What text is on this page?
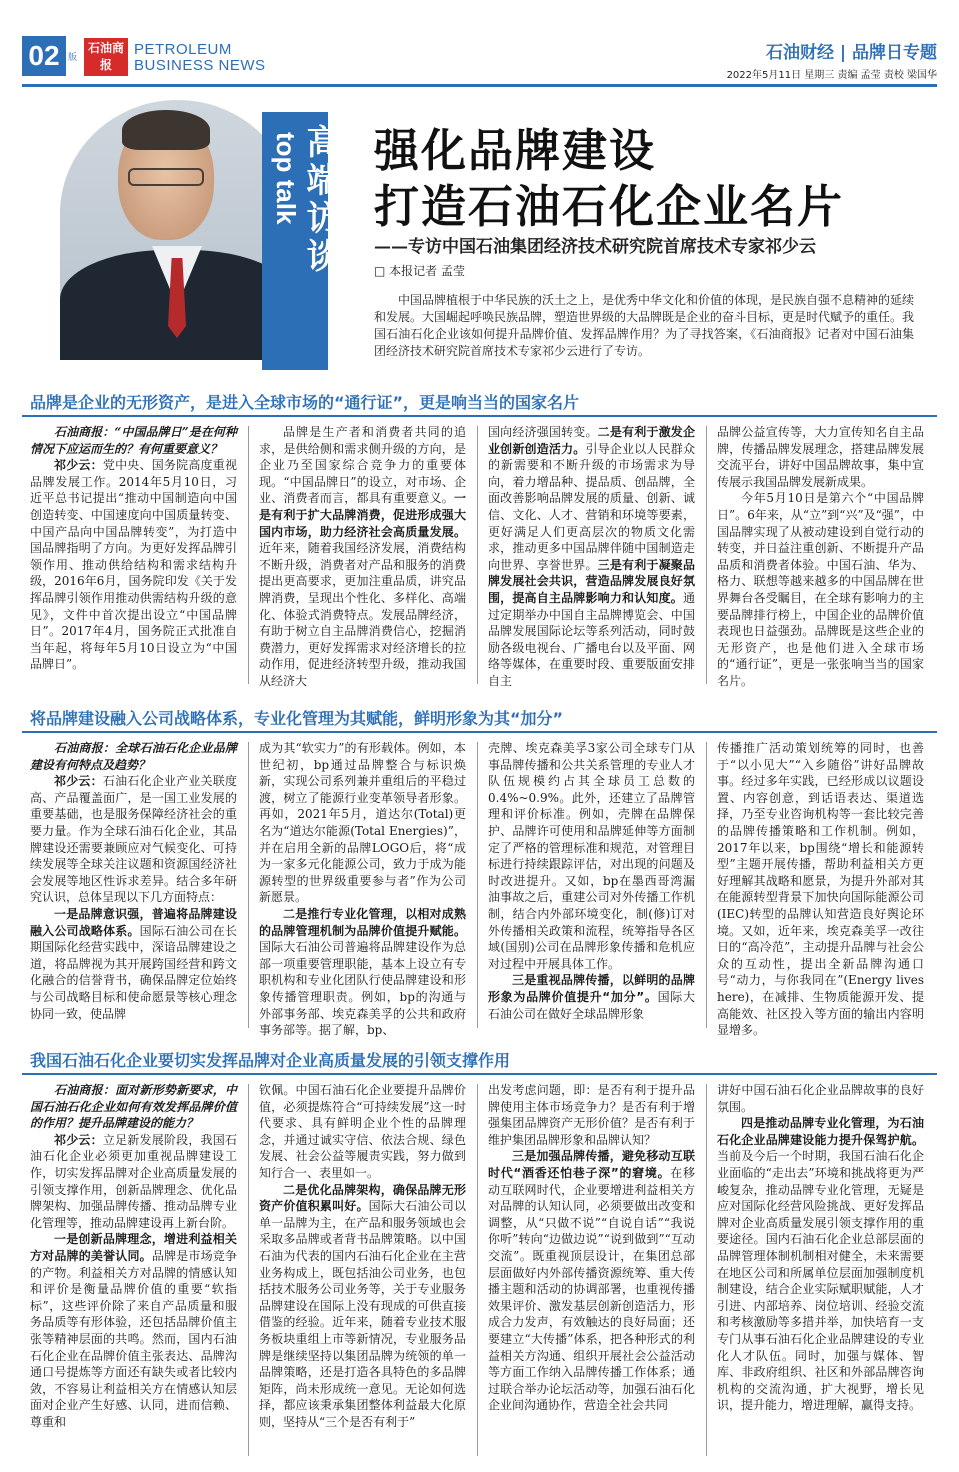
02 版
石油商报
PETROLEUM
BUSINESS NEWS
石油财经 | 品牌日专题
2022年5月11日 星期三 责编 孟莹 责校 梁国华
top talk 高端访谈 强化品牌建设
打造石油石化企业名片
——专访中国石油集团经济技术研究院首席技术专家祁少云
□ 本报记者 孟莹
中国品牌植根于中华民族的沃土之上，是优秀中华文化和价值的体现，是民族自强不息精神的延续和发展。大国崛起呼唤民族品牌，塑造世界级的大品牌既是企业的奋斗目标，更是时代赋予的重任。我国石油石化企业该如何提升品牌价值、发挥品牌作用？为了寻找答案，《石油商报》记者对中国石油集团经济技术研究院首席技术专家祁少云进行了专访。
品牌是企业的无形资产，是进入全球市场的“通行证”，更是响当当的国家名片

石油商报：“中国品牌日”是在何种情况下应运而生的？有何重要意义？

祁少云：党中央、国务院高度重视品牌发展工作。2014年5月10日，习近平总书记提出“推动中国制造向中国创造转变、中国速度向中国质量转变、中国产品向中国品牌转变”，为打造中国品牌指明了方向。为更好发挥品牌引领作用、推动供给结构和需求结构升级，2016年6月，国务院印发《关于发挥品牌引领作用推动供需结构升级的意见》，文件中首次提出设立“中国品牌日”。2017年4月，国务院正式批准自当年起，将每年5月10日设立为“中国品牌日”。

品牌是生产者和消费者共同的追求，是供给侧和需求侧升级的方向，是企业乃至国家综合竞争力的重要体现。“中国品牌日”的设立，对市场、企业、消费者而言，都具有重要意义。一是有利于扩大品牌消费，促进形成强大国内市场，助力经济社会高质量发展。近年来，随着我国经济发展，消费结构不断升级，消费者对产品和服务的消费提出更高要求，更加注重品质，讲究品牌消费，呈现出个性化、多样化、高端化、体验式消费特点。发展品牌经济，有助于树立自主品牌消费信心，挖掘消费潜力，更好发挥需求对经济增长的拉动作用，促进经济转型升级，推动我国从经济大

国向经济强国转变。二是有利于激发企业创新创造活力。引导企业以人民群众的新需要和不断升级的市场需求为导向，着力增品种、提品质、创品牌，全面改善影响品牌发展的质量、创新、诚信、文化、人才、营销和环境等要素，更好满足人们更高层次的物质文化需求，推动更多中国品牌伴随中国制造走向世界、享誉世界。三是有利于凝聚品牌发展社会共识，营造品牌发展良好氛围，提高自主品牌影响力和认知度。通过定期举办中国自主品牌博览会、中国品牌发展国际论坛等系列活动，同时鼓励各级电视台、广播电台以及平面、网络等媒体，在重要时段、重要版面安排自主

品牌公益宣传等，大力宣传知名自主品牌，传播品牌发展理念，搭建品牌发展交流平台，讲好中国品牌故事，集中宣传展示我国品牌发展新成果。

今年5月10日是第六个“中国品牌日”。6年来，从“立”到“兴”及“强”，中国品牌实现了从被动建设到自觉行动的转变，并日益注重创新、不断提升产品品质和消费者体验。中国石油、华为、格力、联想等越来越多的中国品牌在世界舞台各受瞩目，在全球有影响力的主要品牌排行榜上，中国企业的品牌价值表现也日益强劲。品牌既是这些企业的无形资产，也是他们进入全球市场的“通行证”，更是一张张响当当的国家名片。

将品牌建设融入公司战略体系，专业化管理为其赋能，鲜明形象为其“加分”

石油商报：全球石油石化企业品牌建设有何特点及趋势？

祁少云：石油石化企业产业关联度高、产品覆盖面广，是一国工业发展的重要基础，也是服务保障经济社会的重要力量。作为全球石油石化企业，其品牌建设还需要兼顾应对气候变化、可持续发展等全球关注议题和资源国经济社会发展等地区性诉求差异。结合多年研究认识，总体呈现以下几方面特点：

一是品牌意识强，普遍将品牌建设融入公司战略体系。国际石油公司在长期国际化经营实践中，深谙品牌建设之道，将品牌视为其开展跨国经营和跨文化融合的信誉背书，确保品牌定位始终与公司战略目标和使命愿景等核心理念协同一致，使品牌

成为其“软实力”的有形载体。例如，本世纪初，bp通过品牌整合与标识焕新，实现公司系列兼并重组后的平稳过渡，树立了能源行业变革领导者形象。再如，2021年5月，道达尔(Total)更名为“道达尔能源(Total Energies)”，并在启用全新的品牌LOGO后，将“成为一家多元化能源公司，致力于成为能源转型的世界级重要参与者”作为公司新愿景。

二是推行专业化管理，以相对成熟的品牌管理机制为品牌价值提升赋能。国际大石油公司普遍将品牌建设作为总部一项重要管理职能，基本上设立有专职机构和专业化团队行使品牌建设和形象传播管理职责。例如，bp的沟通与外部事务部、埃克森美孚的公共和政府事务部等。据了解，bp、

壳牌、埃克森美孚3家公司全球专门从事品牌传播和公共关系管理的专业人才队伍规模约占其全球员工总数的0.4%~0.9%。此外，还建立了品牌管理和评价标准。例如，壳牌在品牌保护、品牌许可使用和品牌延伸等方面制定了严格的管理标准和规范，对管理目标进行持续跟踪评估，对出现的问题及时改进提升。又如，bp在墨西哥湾漏油事故之后，重建公司对外传播工作机制，结合内外部环境变化，制(修)订对外传播相关政策和流程，统筹指导各区域(国别)公司在品牌形象传播和危机应对过程中开展具体工作。

三是重视品牌传播，以鲜明的品牌形象为品牌价值提升“加分”。国际大石油公司在做好全球品牌形象

传播推广活动策划统筹的同时，也善于“以小见大”“入乡随俗”讲好品牌故事。经过多年实践，已经形成以议题设置、内容创意，到话语表达、渠道选择，乃至专业咨询机构等一套比较完善的品牌传播策略和工作机制。例如，2017年以来，bp围绕“增长和能源转型”主题开展传播，帮助利益相关方更好理解其战略和愿景，为提升外部对其在能源转型背景下加快向国际能源公司(IEC)转型的品牌认知营造良好舆论环境。又如，近年来，埃克森美孚一改往日的“高冷范”，主动提升品牌与社会公众的互动性，提出全新品牌沟通口号“动力，与你我同在”(Energy lives here)，在减排、生物质能源开发、提高能效、社区投入等方面的输出内容明显增多。

我国石油石化企业要切实发挥品牌对企业高质量发展的引领支撑作用

石油商报：面对新形势新要求，中国石油石化企业如何有效发挥品牌价值的作用？提升品牌建设的能力？

祁少云：立足新发展阶段，我国石油石化企业必须更加重视品牌建设工作，切实发挥品牌对企业高质量发展的引领支撑作用，创新品牌理念、优化品牌架构、加强品牌传播、推动品牌专业化管理等，推动品牌建设再上新台阶。

一是创新品牌理念，增进利益相关方对品牌的美誉认同。品牌是市场竞争的产物。利益相关方对品牌的情感认知和评价是衡量品牌价值的重要“软指标”，这些评价除了来自产品质量和服务品质等有形体验，还包括品牌价值主张等精神层面的共鸣。然而，国内石油石化企业在品牌价值主张表达、品牌沟通口号提炼等方面还有缺失或者比较内敛，不容易让利益相关方在情感认知层面对企业产生好感、认同，进而信赖、尊重和

钦佩。中国石油石化企业要提升品牌价值，必须提炼符合“可持续发展”这一时代要求、具有鲜明企业个性的品牌理念，并通过诚实守信、依法合规、绿色发展、社会公益等履责实践，努力做到知行合一、表里如一。

二是优化品牌架构，确保品牌无形资产价值积累叫好。国际大石油公司以单一品牌为主，在产品和服务领域也会采取多品牌或者背书品牌策略。以中国石油为代表的国内石油石化企业在主营业务构成上，既包括油公司业务，也包括技术服务公司业务等，关于专业服务品牌建设在国际上没有现成的可供直接借鉴的经验。近年来，随着专业技术服务板块重组上市等新情况，专业服务品牌是继续坚持以集团品牌为统领的单一品牌策略，还是打造各具特色的多品牌矩阵，尚未形成统一意见。无论如何选择，都应该秉承集团整体利益最大化原则，坚持从“三个是否有利于”

出发考虑问题，即：是否有利于提升品牌使用主体市场竞争力？是否有利于增强集团品牌资产无形价值？是否有利于维护集团品牌形象和品牌认知？

三是加强品牌传播，避免移动互联时代“酒香还怕巷子深”的窘境。在移动互联网时代，企业要增进利益相关方对品牌的认知认同，必须要做出改变和调整，从“只做不说”“自说自话”“我说你听”转向“边做边说”“说到做到”“互动交流”。既重视顶层设计，在集团总部层面做好内外部传播资源统筹、重大传播主题和活动的协调部署，也重视传播效果评价、激发基层创新创造活力，形成合力发声，有效触达的良好局面；还要建立“大传播”体系，把各种形式的利益相关方沟通、组织开展社会公益活动等方面工作纳入品牌传播工作体系；通过联合举办论坛活动等，加强石油石化企业间沟通协作，营造全社会共同

讲好中国石油石化企业品牌故事的良好氛围。

四是推动品牌专业化管理，为石油石化企业品牌建设能力提升保驾护航。当前及今后一个时期，我国石油石化企业面临的“走出去”环境和挑战将更为严峻复杂，推动品牌专业化管理，无疑是应对国际化经营风险挑战、更好发挥品牌对企业高质量发展引领支撑作用的重要途径。国内石油石化企业总部层面的品牌管理体制机制相对健全，未来需要在地区公司和所属单位层面加强制度机制建设，结合企业实际赋职赋能，人才引进、内部培养、岗位培训、经验交流和考核激励等多措并举，加快培育一支专门从事石油石化企业品牌建设的专业化人才队伍。同时，加强与媒体、智库、非政府组织、社区和外部品牌咨询机构的交流沟通，扩大视野，增长见识，提升能力，增进理解，赢得支持。
